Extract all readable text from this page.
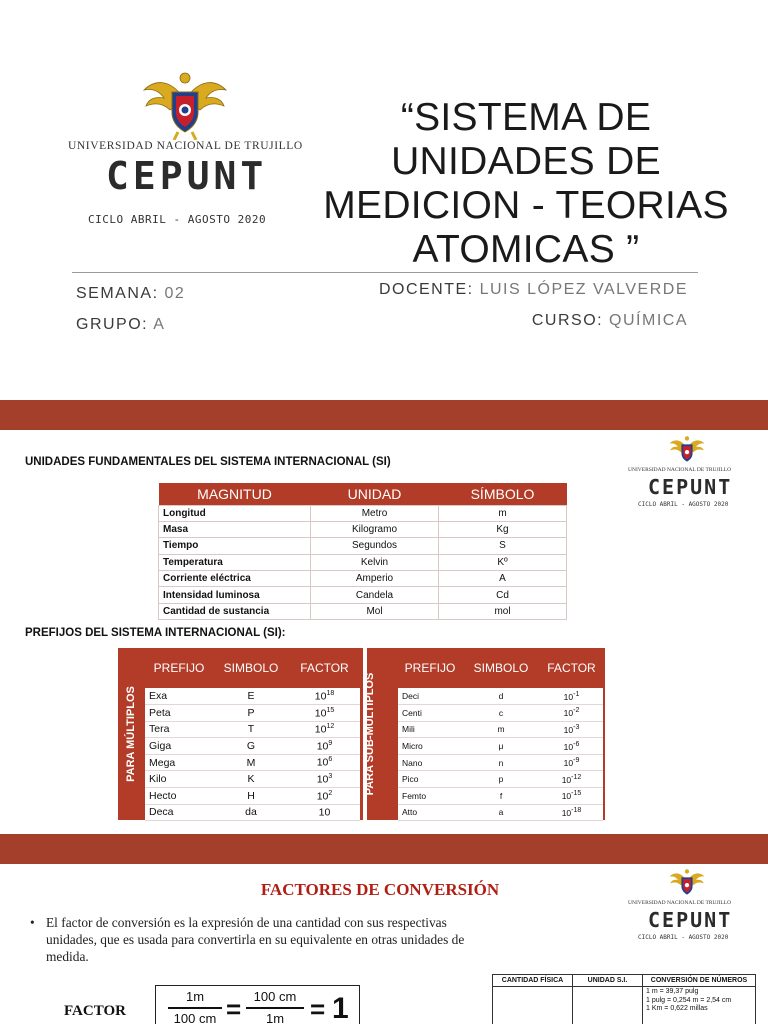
UNIVERSIDAD NACIONAL DE TRUJILLO
CEPUNT
CICLO ABRIL - AGOSTO 2020
“SISTEMA DE UNIDADES DE MEDICION - TEORIAS ATOMICAS ”
SEMANA: 02
GRUPO: A
DOCENTE: LUIS LÓPEZ VALVERDE
CURSO: QUÍMICA
UNIDADES FUNDAMENTALES DEL SISTEMA INTERNACIONAL (SI)
UNIVERSIDAD NACIONAL DE TRUJILLO
CEPUNT
CICLO ABRIL - AGOSTO 2020
MAGNITUD	UNIDAD	SÍMBOLO
Longitud	Metro	m
Masa	Kilogramo	Kg
Tiempo	Segundos	S
Temperatura	Kelvin	Kº
Corriente eléctrica	Amperio	A
Intensidad luminosa	Candela	Cd
Cantidad de sustancia	Mol	mol
PREFIJOS DEL SISTEMA INTERNACIONAL (SI):
PARA MÚLTIPLOS
PREFIJO	SIMBOLO	FACTOR
Exa	E	$10^{18}$
Peta	P	$10^{15}$
Tera	T	$10^{12}$
Giga	G	$10^9$
Mega	M	$10^6$
Kilo	K	$10^3$
Hecto	H	$10^2$
Deca	da	10
PARA SUB-MULTIPLOS
PREFIJO	SIMBOLO	FACTOR
Deci	d	$10^{-1}$
Centi	c	$10^{-2}$
Mili	m	$10^{-3}$
Micro	μ	$10^{-6}$
Nano	n	$10^{-9}$
Pico	p	$10^{-12}$
Femto	f	$10^{-15}$
Atto	a	$10^{-18}$
FACTORES DE CONVERSIÓN
UNIVERSIDAD NACIONAL DE TRUJILLO
CEPUNT
CICLO ABRIL - AGOSTO 2020
• El factor de conversión es la expresión de una cantidad con sus respectivas unidades, que es usada para convertirla en su equivalente en otras unidades de medida.
FACTOR
1m
100 cm = 100 cm
1m = 1
CANTIDAD FÍSICA	UNIDAD S.I.	CONVERSIÓN DE NÚMEROS
		1 m = 39,37 pulg
1 pulg = 0,254 m = 2,54 cm
1 Km = 0,622 millas
